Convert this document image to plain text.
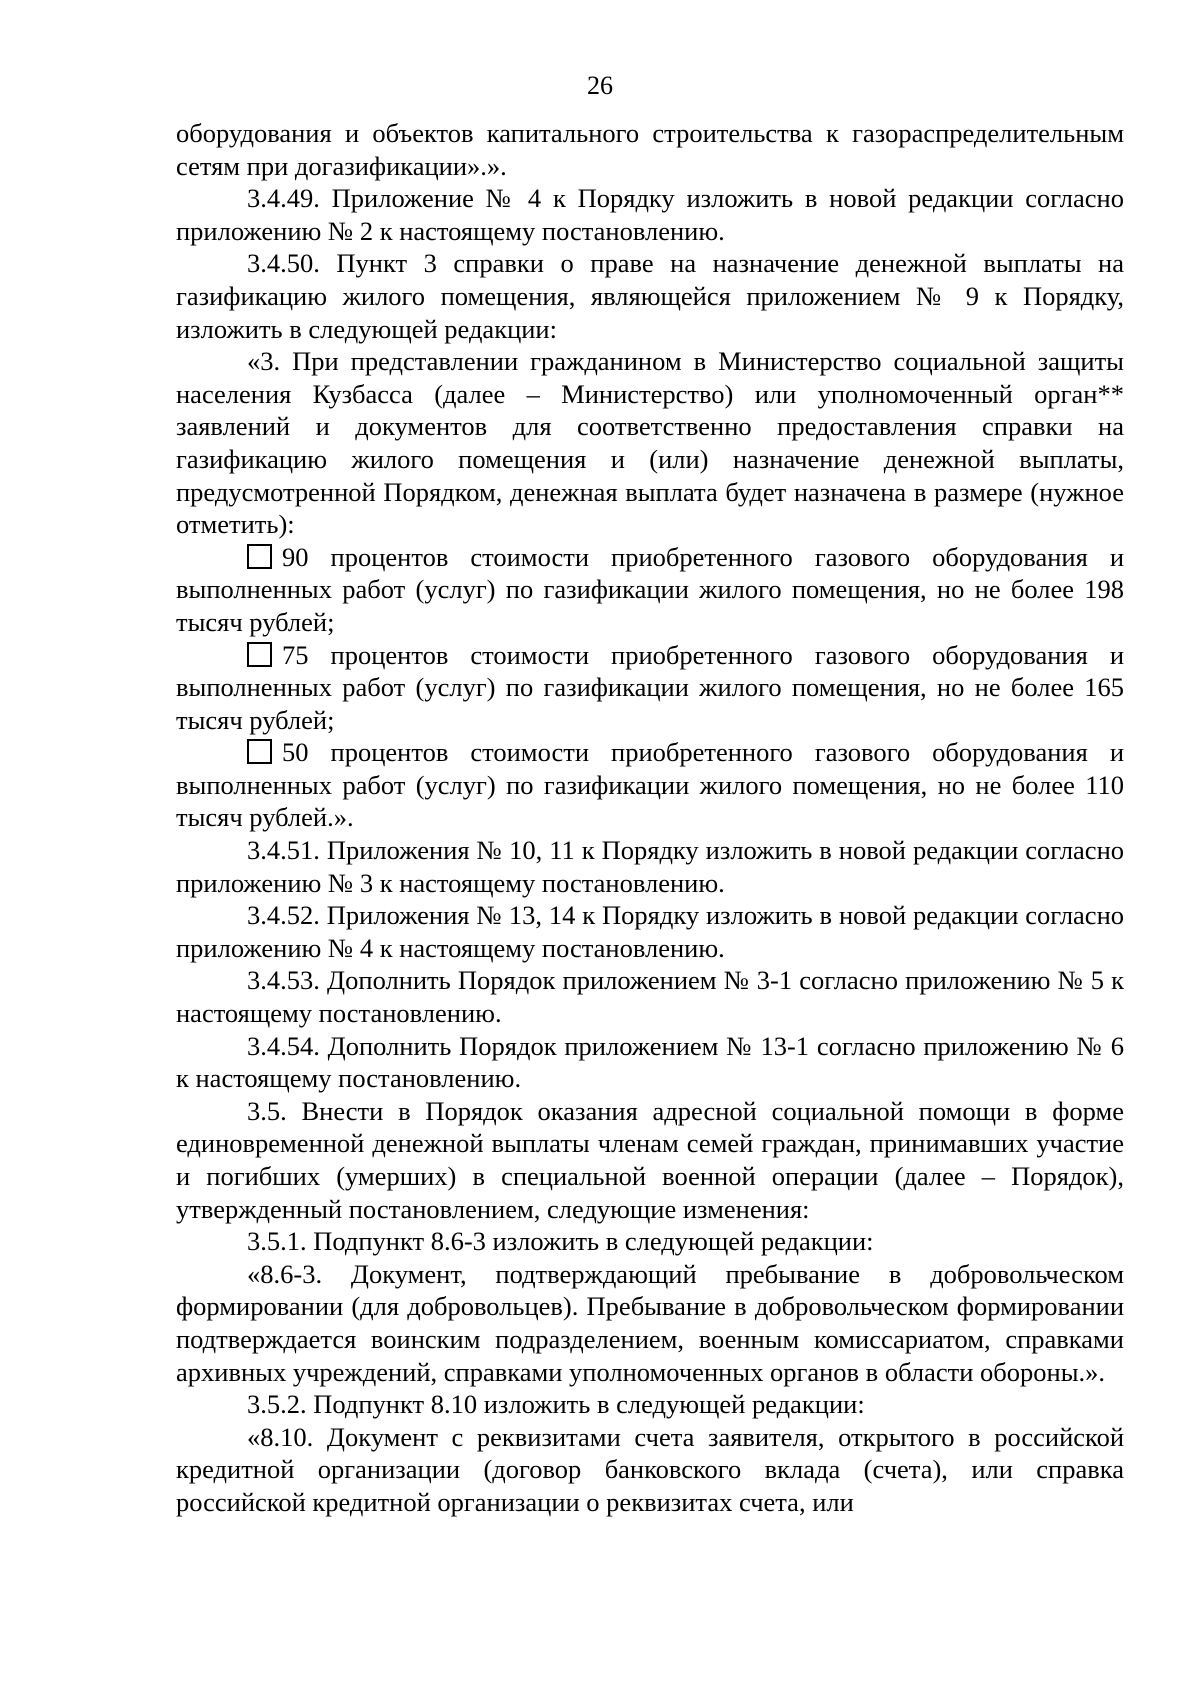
26

оборудования и объектов капитального строительства к газораспределительным сетям при догазификации».».

3.4.49. Приложение № 4 к Порядку изложить в новой редакции согласно приложению № 2 к настоящему постановлению.

3.4.50. Пункт 3 справки о праве на назначение денежной выплаты на газификацию жилого помещения, являющейся приложением № 9 к Порядку, изложить в следующей редакции:

«3. При представлении гражданином в Министерство социальной защиты населения Кузбасса (далее – Министерство) или уполномоченный орган** заявлений и документов для соответственно предоставления справки на газификацию жилого помещения и (или) назначение денежной выплаты, предусмотренной Порядком, денежная выплата будет назначена в размере (нужное отметить):

90 процентов стоимости приобретенного газового оборудования и выполненных работ (услуг) по газификации жилого помещения, но не более 198 тысяч рублей;

75 процентов стоимости приобретенного газового оборудования и выполненных работ (услуг) по газификации жилого помещения, но не более 165 тысяч рублей;

50 процентов стоимости приобретенного газового оборудования и выполненных работ (услуг) по газификации жилого помещения, но не более 110 тысяч рублей.».

3.4.51. Приложения № 10, 11 к Порядку изложить в новой редакции согласно приложению № 3 к настоящему постановлению.

3.4.52. Приложения № 13, 14 к Порядку изложить в новой редакции согласно приложению № 4 к настоящему постановлению.

3.4.53. Дополнить Порядок приложением № 3-1 согласно приложению № 5 к настоящему постановлению.

3.4.54. Дополнить Порядок приложением № 13-1 согласно приложению № 6 к настоящему постановлению.

3.5. Внести в Порядок оказания адресной социальной помощи в форме единовременной денежной выплаты членам семей граждан, принимавших участие и погибших (умерших) в специальной военной операции (далее – Порядок), утвержденный постановлением, следующие изменения:

3.5.1. Подпункт 8.6-3 изложить в следующей редакции:

«8.6-3. Документ, подтверждающий пребывание в добровольческом формировании (для добровольцев). Пребывание в добровольческом формировании подтверждается воинским подразделением, военным комиссариатом, справками архивных учреждений, справками уполномоченных органов в области обороны.».

3.5.2. Подпункт 8.10 изложить в следующей редакции:

«8.10. Документ с реквизитами счета заявителя, открытого в российской кредитной организации (договор банковского вклада (счета), или справка российской кредитной организации о реквизитах счета, или
